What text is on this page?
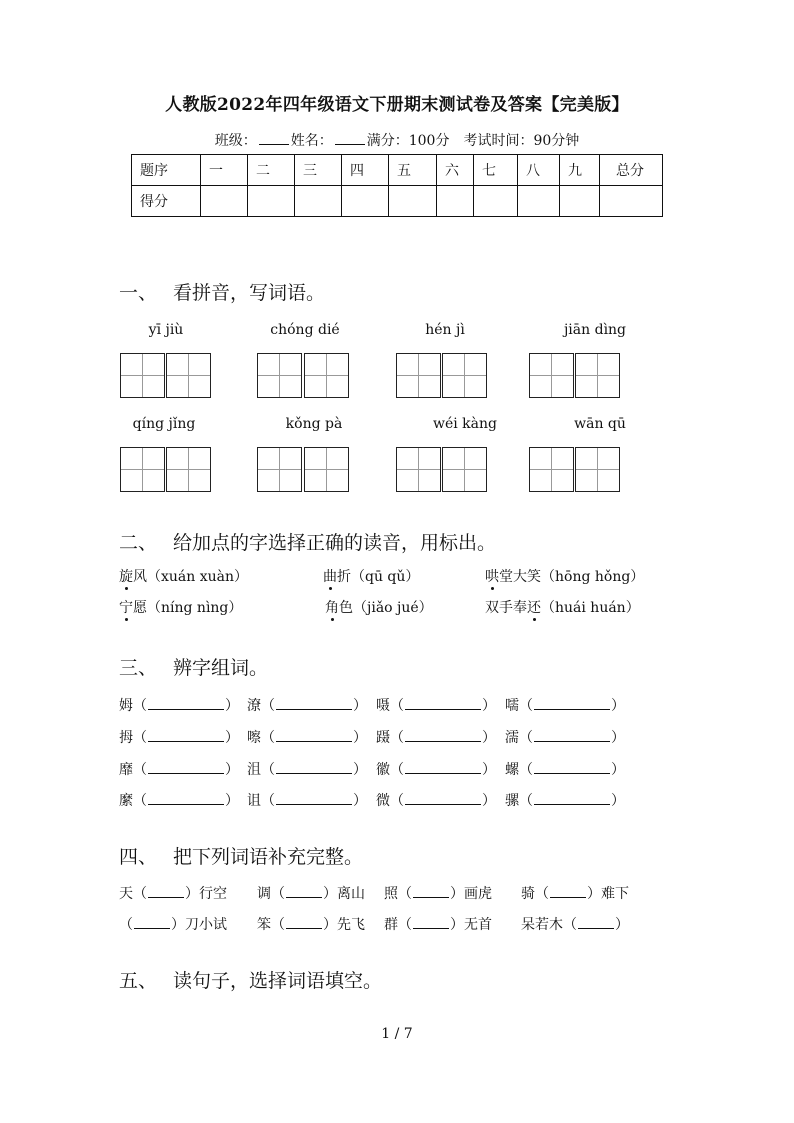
人教版2022年四年级语文下册期末测试卷及答案【完美版】
班级： 姓名： 满分：100分 考试时间：90分钟
题序	一	二	三	四	五	六	七	八	九	总分
得分										
一、 看拼音，写词语。
yī jiù	chóng dié	hén jì	jiān dìng
qíng jǐng	kǒng pà	wéi kàng	wān qū
二、 给加点的字选择正确的读音，用标出。
旋风（xuán xuàn）	曲折（qū qǔ）	哄堂大笑（hōng hǒng）
宁愿（níng nìng）	角色（jiǎo jué）	双手奉还（huái huán）
三、 辨字组词。
姆（	） 潦（	） 嗫（	） 嚅（	）
拇（	） 嚓（	） 蹑（	） 濡（	）
靡（	） 沮（	） 徽（	） 螺（	）
縻（	） 诅（	） 微（	） 骡（	）
四、 把下列词语补充完整。
天（	）行空 调（	）离山 照（	）画虎 骑（	）难下
（	）刀小试 笨（	）先飞 群（	）无首 呆若木（	）
五、 读句子，选择词语填空。
1 / 7
